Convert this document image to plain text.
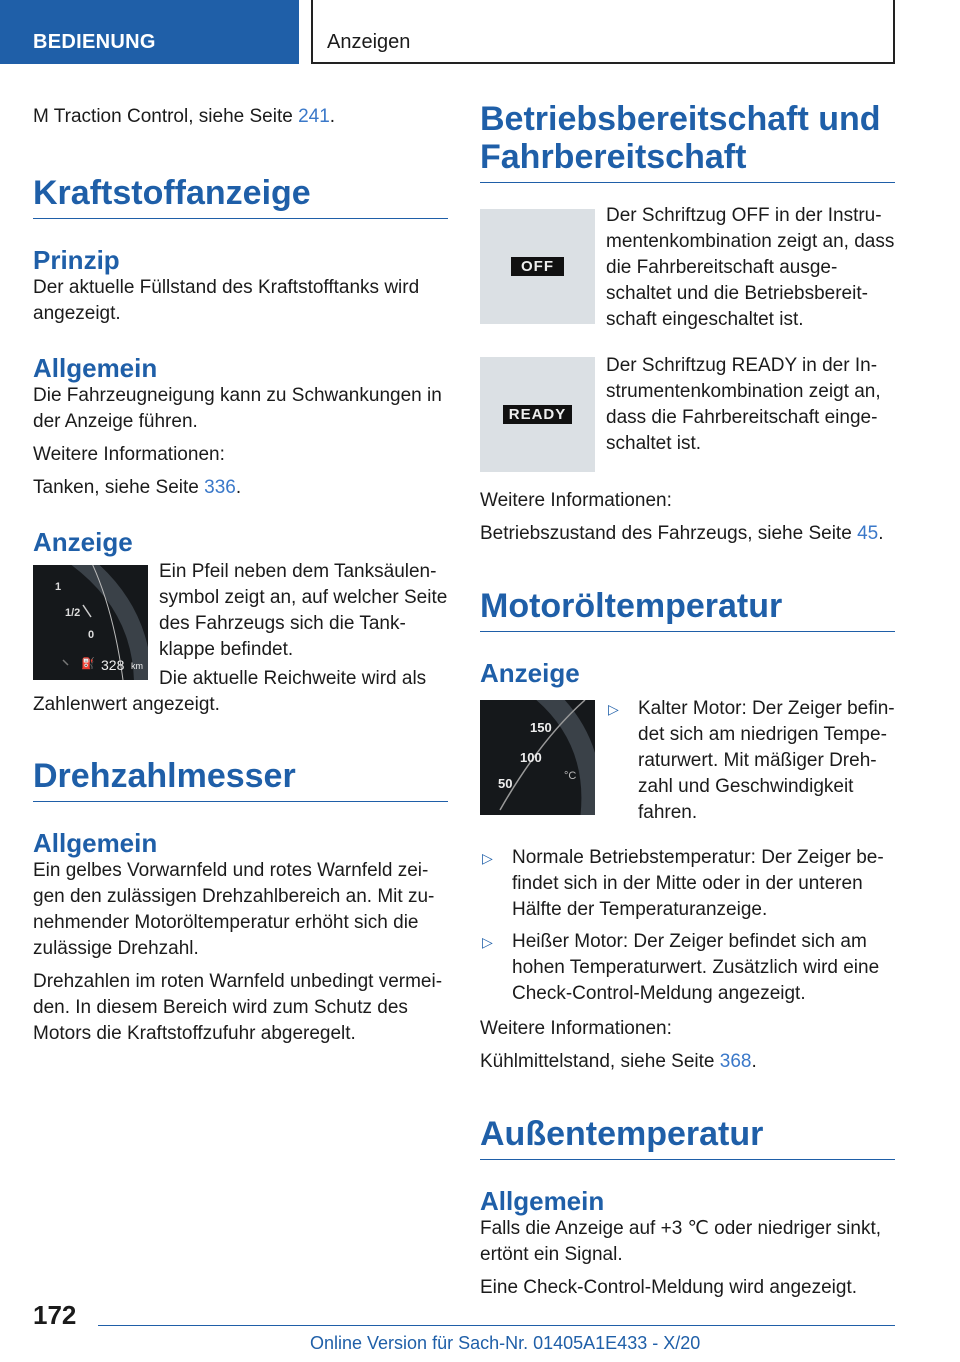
BEDIENUNG	Anzeigen

M Traction Control, siehe Seite 241.

Kraftstoffanzeige
Prinzip

Der aktuelle Füllstand des Kraftstofftanks wird angezeigt.

Allgemein

Die Fahrzeugneigung kann zu Schwankungen in der Anzeige führen.

Weitere Informationen:

Tanken, siehe Seite 336.

Anzeige
1
1/2
0
⛽ 328 km

Ein Pfeil neben dem Tanksäulensymbol zeigt an, auf welcher Seite des Fahrzeugs sich die Tankklappe befindet.

Die aktuelle Reichweite wird als

Zahlenwert angezeigt.

Drehzahlmesser
Allgemein

Ein gelbes Vorwarnfeld und rotes Warnfeld zeigen den zulässigen Drehzahlbereich an. Mit zunehmender Motoröltemperatur erhöht sich die zulässige Drehzahl.

Drehzahlen im roten Warnfeld unbedingt vermeiden. In diesem Bereich wird zum Schutz des Motors die Kraftstoffzufuhr abgeregelt.

Betriebsbereitschaft und Fahrbereitschaft
OFF

Der Schriftzug OFF in der Instrumentenkombination zeigt an, dass die Fahrbereitschaft ausgeschaltet und die Betriebsbereitschaft eingeschaltet ist.

READY

Der Schriftzug READY in der Instrumentenkombination zeigt an, dass die Fahrbereitschaft eingeschaltet ist.

Weitere Informationen:

Betriebszustand des Fahrzeugs, siehe Seite 45.

Motoröltemperatur
Anzeige
150
100
50	°C
▷	Kalter Motor: Der Zeiger befindet sich am niedrigen Temperaturwert. Mit mäßiger Drehzahl und Geschwindigkeit fahren.
▷	Normale Betriebstemperatur: Der Zeiger befindet sich in der Mitte oder in der unteren Hälfte der Temperaturanzeige.
▷	Heißer Motor: Der Zeiger befindet sich am hohen Temperaturwert. Zusätzlich wird eine Check-Control-Meldung angezeigt.

Weitere Informationen:

Kühlmittelstand, siehe Seite 368.

Außentemperatur
Allgemein

Falls die Anzeige auf +3 ℃ oder niedriger sinkt, ertönt ein Signal.

Eine Check-Control-Meldung wird angezeigt.

172
Online Version für Sach-Nr. 01405A1E433 - X/20
